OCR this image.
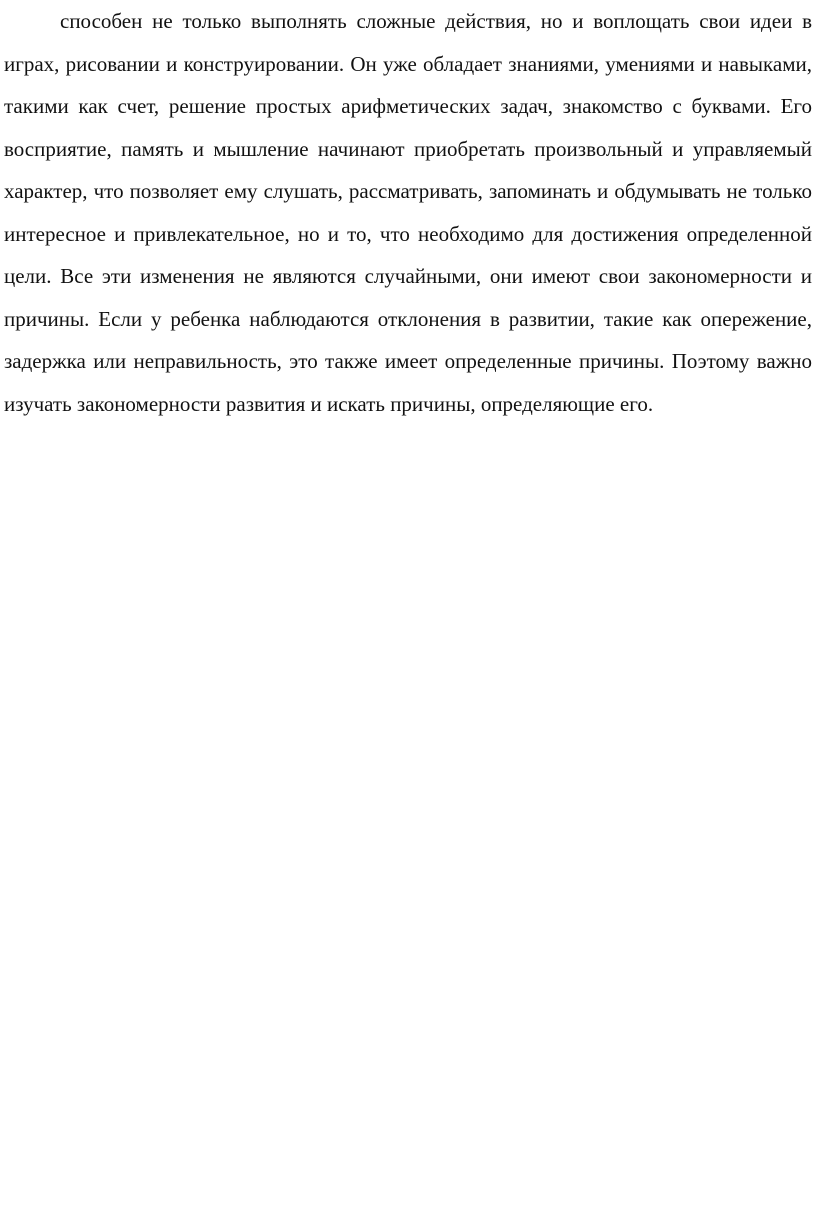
способен не только выполнять сложные действия, но и воплощать свои идеи в играх, рисовании и конструировании. Он уже обладает знаниями, умениями и навыками, такими как счет, решение простых арифметических задач, знакомство с буквами. Его восприятие, память и мышление начинают приобретать произвольный и управляемый характер, что позволяет ему слушать, рассматривать, запоминать и обдумывать не только интересное и привлекательное, но и то, что необходимо для достижения определенной цели. Все эти изменения не являются случайными, они имеют свои закономерности и причины. Если у ребенка наблюдаются отклонения в развитии, такие как опережение, задержка или неправильность, это также имеет определенные причины. Поэтому важно изучать закономерности развития и искать причины, определяющие его.
